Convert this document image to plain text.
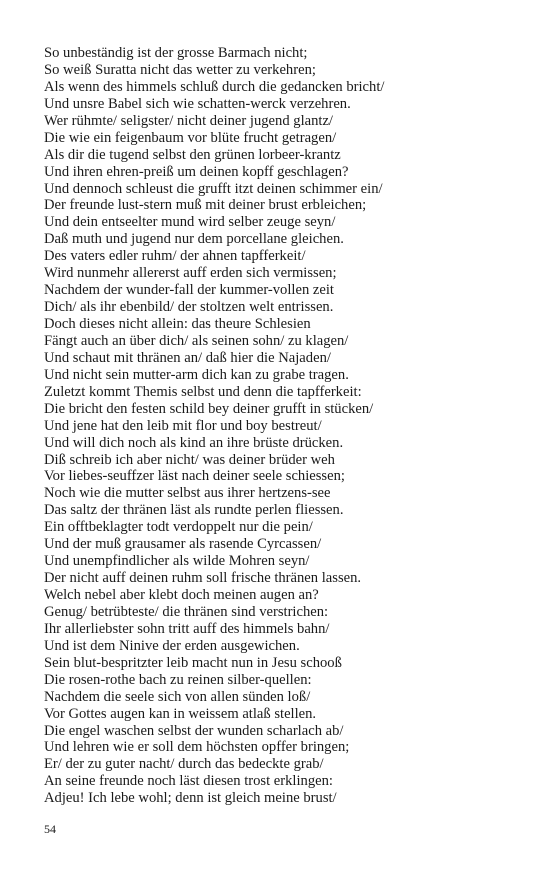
So unbeständig ist der grosse Barmach nicht;
So weiß Suratta nicht das wetter zu verkehren;
Als wenn des himmels schluß durch die gedancken bricht/
Und unsre Babel sich wie schatten-werck verzehren.
Wer rühmte/ seligster/ nicht deiner jugend glantz/
Die wie ein feigenbaum vor blüte frucht getragen/
Als dir die tugend selbst den grünen lorbeer-krantz
Und ihren ehren-preiß um deinen kopff geschlagen?
Und dennoch schleust die grufft itzt deinen schimmer ein/
Der freunde lust-stern muß mit deiner brust erbleichen;
Und dein entseelter mund wird selber zeuge seyn/
Daß muth und jugend nur dem porcellane gleichen.
Des vaters edler ruhm/ der ahnen tapfferkeit/
Wird nunmehr allererst auff erden sich vermissen;
Nachdem der wunder-fall der kummer-vollen zeit
Dich/ als ihr ebenbild/ der stoltzen welt entrissen.
Doch dieses nicht allein: das theure Schlesien
Fängt auch an über dich/ als seinen sohn/ zu klagen/
Und schaut mit thränen an/ daß hier die Najaden/
Und nicht sein mutter-arm dich kan zu grabe tragen.
Zuletzt kommt Themis selbst und denn die tapfferkeit:
Die bricht den festen schild bey deiner grufft in stücken/
Und jene hat den leib mit flor und boy bestreut/
Und will dich noch als kind an ihre brüste drücken.
Diß schreib ich aber nicht/ was deiner brüder weh
Vor liebes-seuffzer läst nach deiner seele schiessen;
Noch wie die mutter selbst aus ihrer hertzens-see
Das saltz der thränen läst als rundte perlen fliessen.
Ein offtbeklagter todt verdoppelt nur die pein/
Und der muß grausamer als rasende Cyrcassen/
Und unempfindlicher als wilde Mohren seyn/
Der nicht auff deinen ruhm soll frische thränen lassen.
Welch nebel aber klebt doch meinen augen an?
Genug/ betrübteste/ die thränen sind verstrichen:
Ihr allerliebster sohn tritt auff des himmels bahn/
Und ist dem Ninive der erden ausgewichen.
Sein blut-bespritzter leib macht nun in Jesu schooß
Die rosen-rothe bach zu reinen silber-quellen:
Nachdem die seele sich von allen sünden loß/
Vor Gottes augen kan in weissem atlaß stellen.
Die engel waschen selbst der wunden scharlach ab/
Und lehren wie er soll dem höchsten opffer bringen;
Er/ der zu guter nacht/ durch das bedeckte grab/
An seine freunde noch läst diesen trost erklingen:
Adjeu! Ich lebe wohl; denn ist gleich meine brust/
54
